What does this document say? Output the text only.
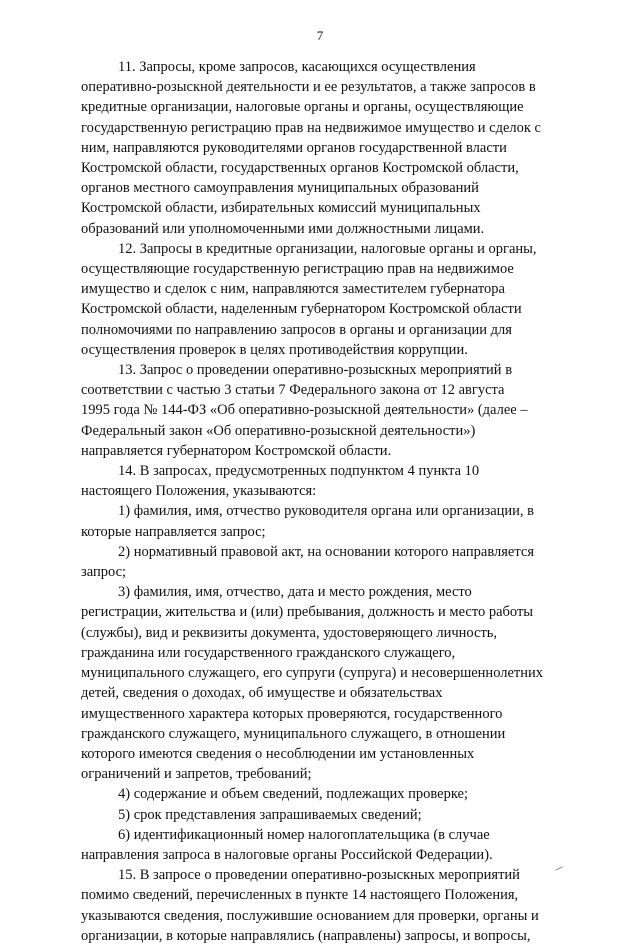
7

11. Запросы, кроме запросов, касающихся осуществления
оперативно-розыскной деятельности и ее результатов, а также запросов в
кредитные организации, налоговые органы и органы, осуществляющие
государственную регистрацию прав на недвижимое имущество и сделок с
ним, направляются руководителями органов государственной власти
Костромской области, государственных органов Костромской области,
органов местного самоуправления муниципальных образований
Костромской области, избирательных комиссий муниципальных
образований или уполномоченными ими должностными лицами.

12. Запросы в кредитные организации, налоговые органы и органы,
осуществляющие государственную регистрацию прав на недвижимое
имущество и сделок с ним, направляются заместителем губернатора
Костромской области, наделенным губернатором Костромской области
полномочиями по направлению запросов в органы и организации для
осуществления проверок в целях противодействия коррупции.

13. Запрос о проведении оперативно-розыскных мероприятий в
соответствии с частью 3 статьи 7 Федерального закона от 12 августа
1995 года № 144-ФЗ «Об оперативно-розыскной деятельности» (далее –
Федеральный закон «Об оперативно-розыскной деятельности»)
направляется губернатором Костромской области.

14. В запросах, предусмотренных подпунктом 4 пункта 10
настоящего Положения, указываются:

1) фамилия, имя, отчество руководителя органа или организации, в
которые направляется запрос;

2) нормативный правовой акт, на основании которого направляется
запрос;

3) фамилия, имя, отчество, дата и место рождения, место
регистрации, жительства и (или) пребывания, должность и место работы
(службы), вид и реквизиты документа, удостоверяющего личность,
гражданина или государственного гражданского служащего,
муниципального служащего, его супруги (супруга) и несовершеннолетних
детей, сведения о доходах, об имуществе и обязательствах
имущественного характера которых проверяются, государственного
гражданского служащего, муниципального служащего, в отношении
которого имеются сведения о несоблюдении им установленных
ограничений и запретов, требований;

4) содержание и объем сведений, подлежащих проверке;

5) срок представления запрашиваемых сведений;

6) идентификационный номер налогоплательщика (в случае
направления запроса в налоговые органы Российской Федерации).

15. В запросе о проведении оперативно-розыскных мероприятий
помимо сведений, перечисленных в пункте 14 настоящего Положения,
указываются сведения, послужившие основанием для проверки, органы и
организации, в которые направлялись (направлены) запросы, и вопросы,
